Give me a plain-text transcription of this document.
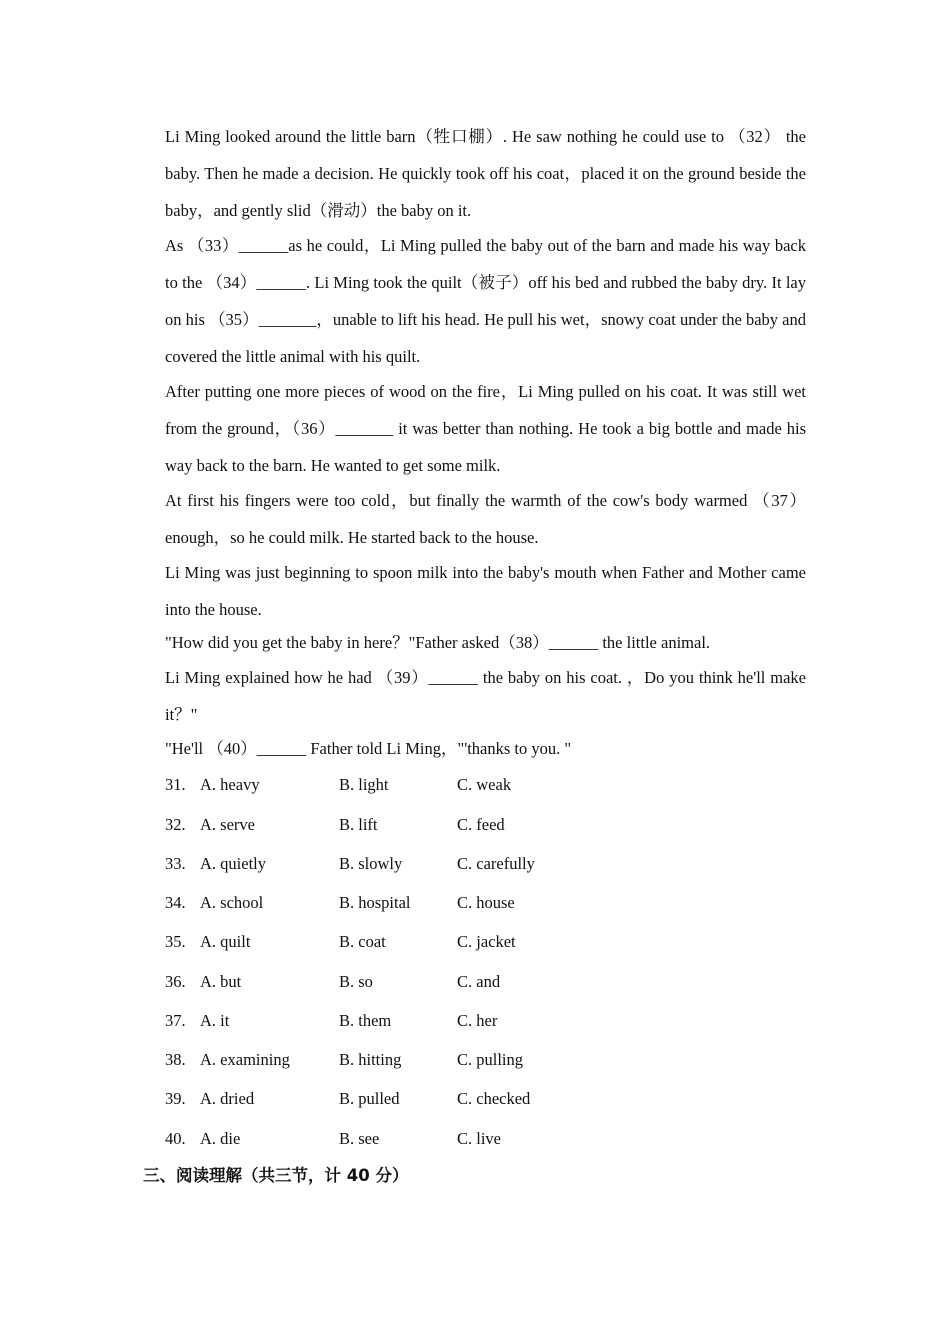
Li Ming looked around the little barn（牲口棚）. He saw nothing he could use to （32） the baby. Then he made a decision. He quickly took off his coat，placed it on the ground beside the baby，and gently slid（滑动）the baby on it.

As （33）______as he could，Li Ming pulled the baby out of the barn and made his way back to the （34）______. Li Ming took the quilt（被子）off his bed and rubbed the baby dry. It lay on his （35）_______，unable to lift his head. He pull his wet，snowy coat under the baby and covered the little animal with his quilt.

After putting one more pieces of wood on the fire，Li Ming pulled on his coat. It was still wet from the ground，（36）_______ it was better than nothing. He took a big bottle and made his way back to the barn. He wanted to get some milk.

At first his fingers were too cold，but finally the warmth of the cow's body warmed （37） enough，so he could milk. He started back to the house.

Li Ming was just beginning to spoon milk into the baby's mouth when Father and Mother came into the house.

"How did you get the baby in here？"Father asked（38）______ the little animal.

Li Ming explained how he had （39）______ the baby on his coat. ，Do you think he'll make it？"

"He'll （40）______ Father told Li Ming，"'thanks to you. "

31. A. heavy	B. light	C. weak
32. A. serve	B. lift	C. feed
33. A. quietly	B. slowly	C. carefully
34. A. school	B. hospital	C. house
35. A. quilt	B. coat	C. jacket
36. A. but	B. so	C. and
37. A. it	B. them	C. her
38. A. examining	B. hitting	C. pulling
39. A. dried	B. pulled	C. checked
40. A. die	B. see	C. live
三、阅读理解（共三节，计 40 分）
